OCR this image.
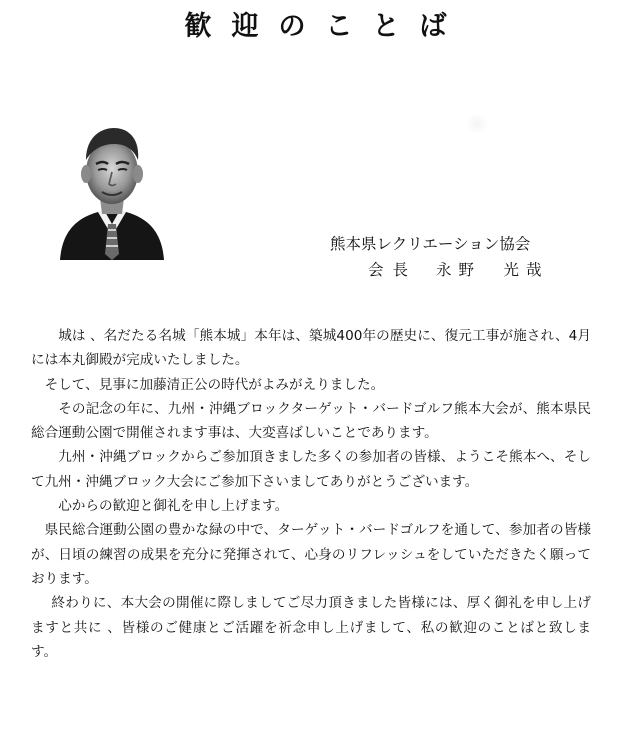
歓迎のことば
熊本県レクリエーション協会
会長 永野　光哉

城は 、名だたる名城「熊本城」本年は、築城400年の歴史に、復元工事が施され、4月には本丸御殿が完成いたしました。

そして、見事に加藤清正公の時代がよみがえりました。

その記念の年に、九州・沖縄ブロックターゲット・バードゴルフ熊本大会が、熊本県民総合運動公園で開催されます事は、大変喜ばしいことであります。

九州・沖縄ブロックからご参加頂きました多くの参加者の皆様、ようこそ熊本へ、そして九州・沖縄ブロック大会にご参加下さいましてありがとうございます。

心からの歓迎と御礼を申し上げます。

県民総合運動公園の豊かな緑の中で、ターゲット・バードゴルフを通して、参加者の皆様が、日頃の練習の成果を充分に発揮されて、心身のリフレッシュをしていただきたく願っております。

終わりに、本大会の開催に際しましてご尽力頂きました皆様には、厚く御礼を申し上げますと共に 、皆様のご健康とご活躍を祈念申し上げまして、私の歓迎のことばと致します。
